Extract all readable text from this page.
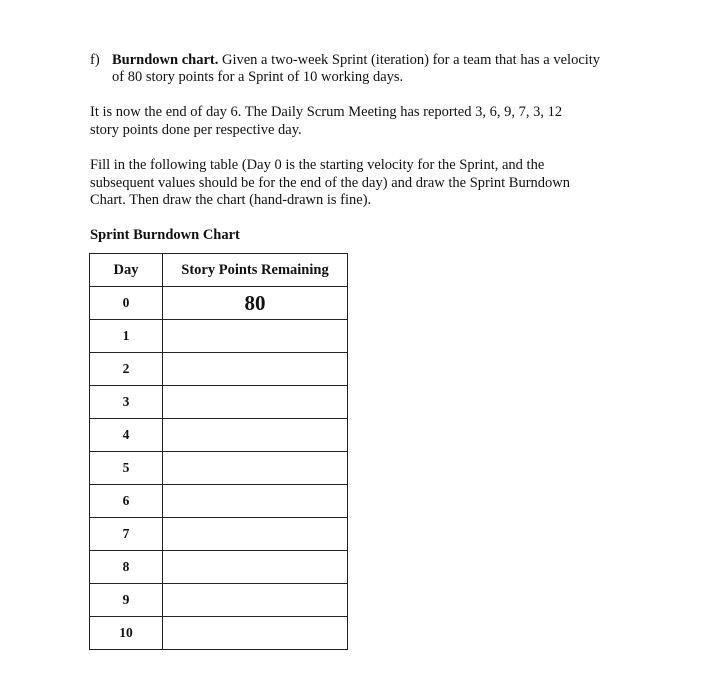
f) Burndown chart. Given a two-week Sprint (iteration) for a team that has a velocity
of 80 story points for a Sprint of 10 working days.
It is now the end of day 6. The Daily Scrum Meeting has reported 3, 6, 9, 7, 3, 12
story points done per respective day.
Fill in the following table (Day 0 is the starting velocity for the Sprint, and the
subsequent values should be for the end of the day) and draw the Sprint Burndown
Chart. Then draw the chart (hand-drawn is fine).
Sprint Burndown Chart
Day	Story Points Remaining
0	80
1	
2	
3	
4	
5	
6	
7	
8	
9	
10	
